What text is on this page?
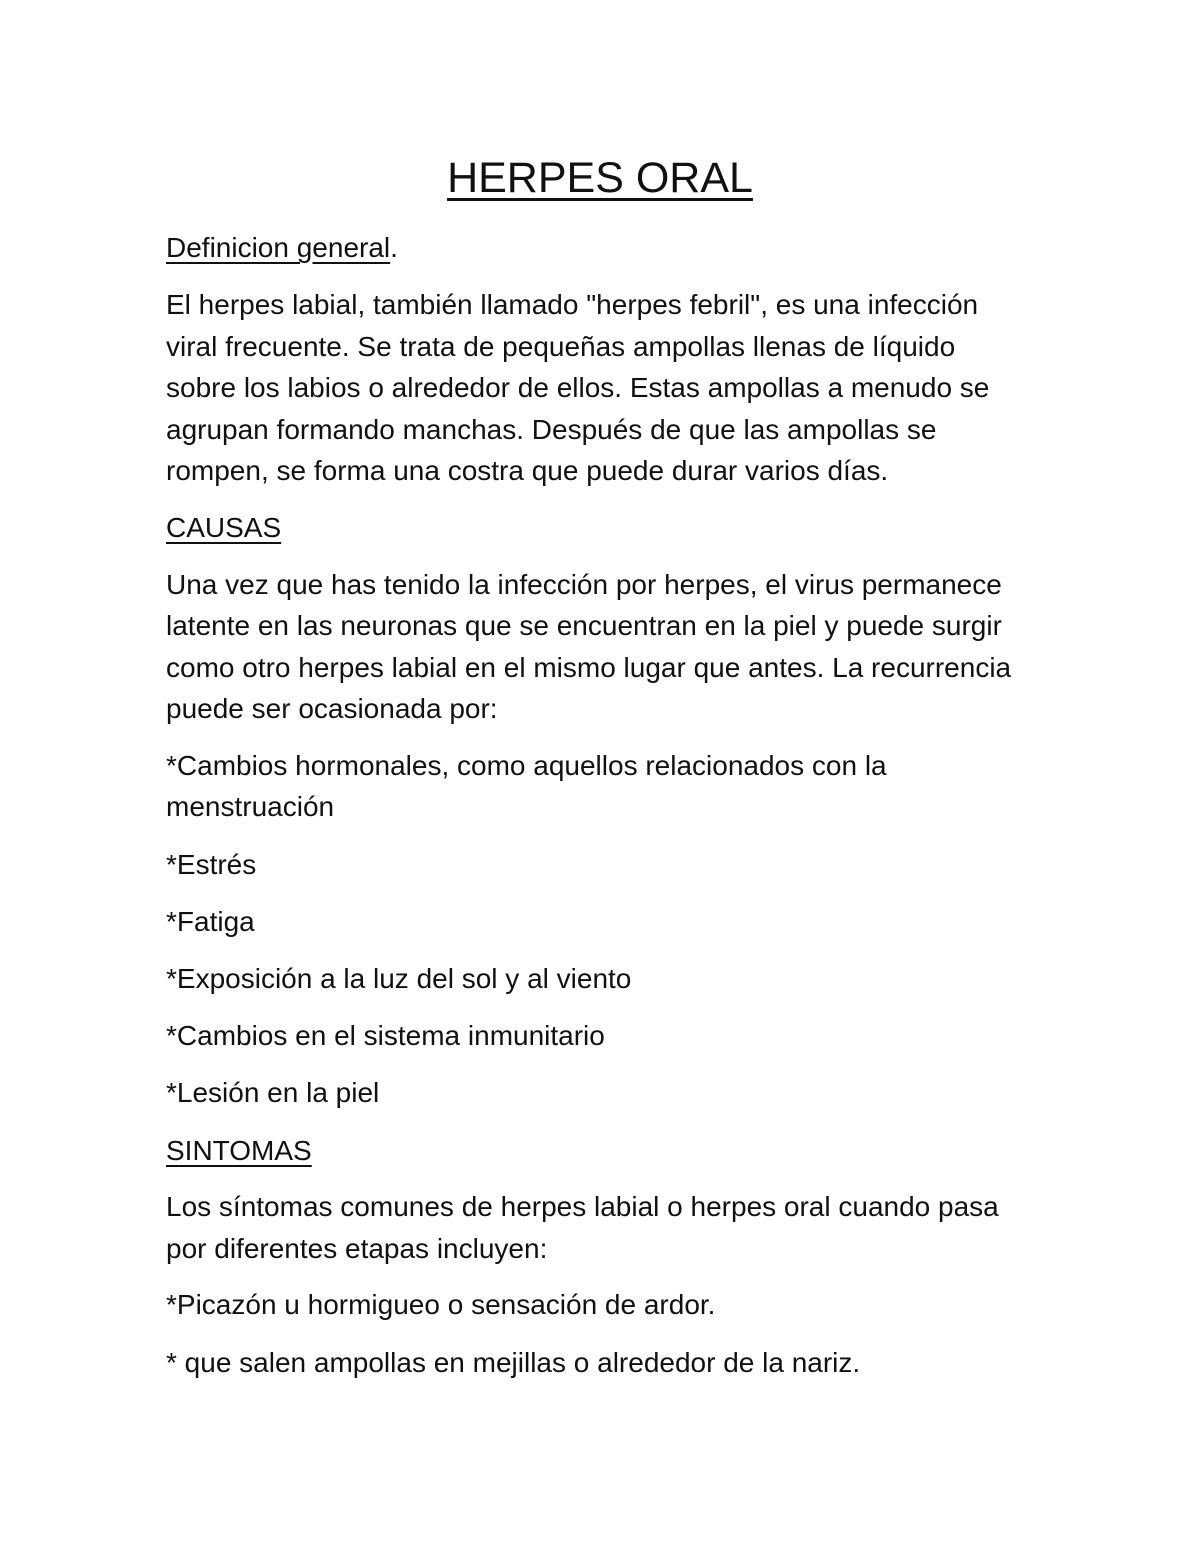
HERPES ORAL
Definicion general.
El herpes labial, también llamado "herpes febril", es una infección
viral frecuente. Se trata de pequeñas ampollas llenas de líquido
sobre los labios o alrededor de ellos. Estas ampollas a menudo se
agrupan formando manchas. Después de que las ampollas se
rompen, se forma una costra que puede durar varios días.
CAUSAS
Una vez que has tenido la infección por herpes, el virus permanece
latente en las neuronas que se encuentran en la piel y puede surgir
como otro herpes labial en el mismo lugar que antes. La recurrencia
puede ser ocasionada por:
*Cambios hormonales, como aquellos relacionados con la
menstruación
*Estrés
*Fatiga
*Exposición a la luz del sol y al viento
*Cambios en el sistema inmunitario
*Lesión en la piel
SINTOMAS
Los síntomas comunes de herpes labial o herpes oral cuando pasa
por diferentes etapas incluyen:
*Picazón u hormigueo o sensación de ardor.
* que salen ampollas en mejillas o alrededor de la nariz.
